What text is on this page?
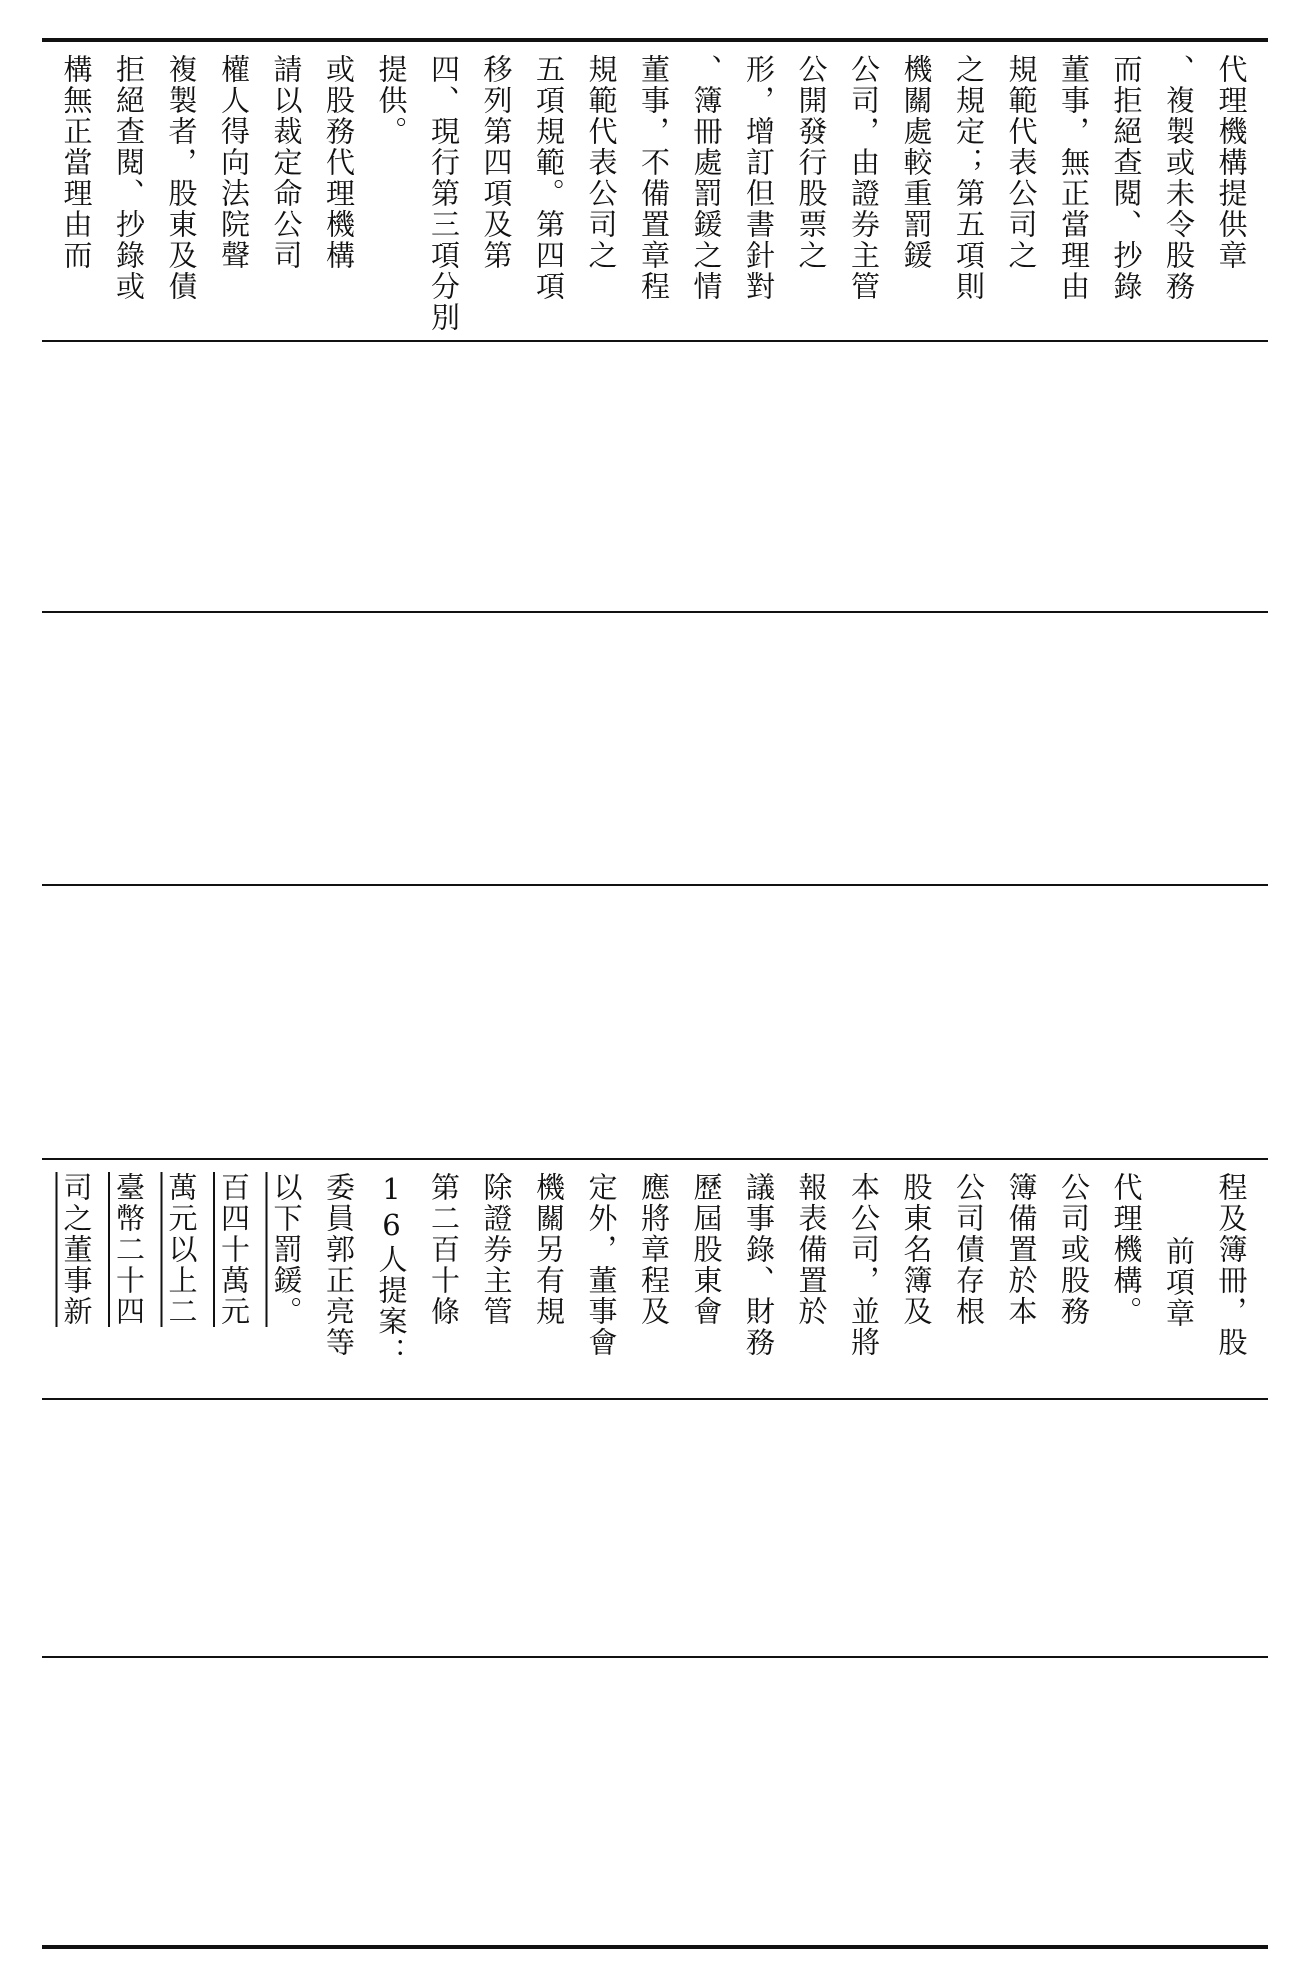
構無正當理由而 拒絕查閱、抄錄或 複製者，股東及債 權人得向法院聲 請以裁定命公司 或股務代理機構 提供。 四、現行第三項分別 移列第四項及第 五項規範。第四項 規範代表公司之 董事，不備置章程 、簿冊處罰鍰之情 形，增訂但書針對 公開發行股票之 公司，由證券主管 機關處較重罰鍰 之規定；第五項則 規範代表公司之 董事，無正當理由 而拒絕查閱、抄錄 、複製或未令股務 代理機構提供章
司之董事新 臺幣二十四 萬元以上二 百四十萬元 以下罰鍰。 委員郭正亮等 16人提案： 第二百十條 除證券主管 機關另有規 定外，董事會 應將章程及 歷屆股東會 議事錄、財務 報表備置於 本公司，並將 股東名簿及 公司債存根 簿備置於本 公司或股務 代理機構。 前項章 程及簿冊，股
